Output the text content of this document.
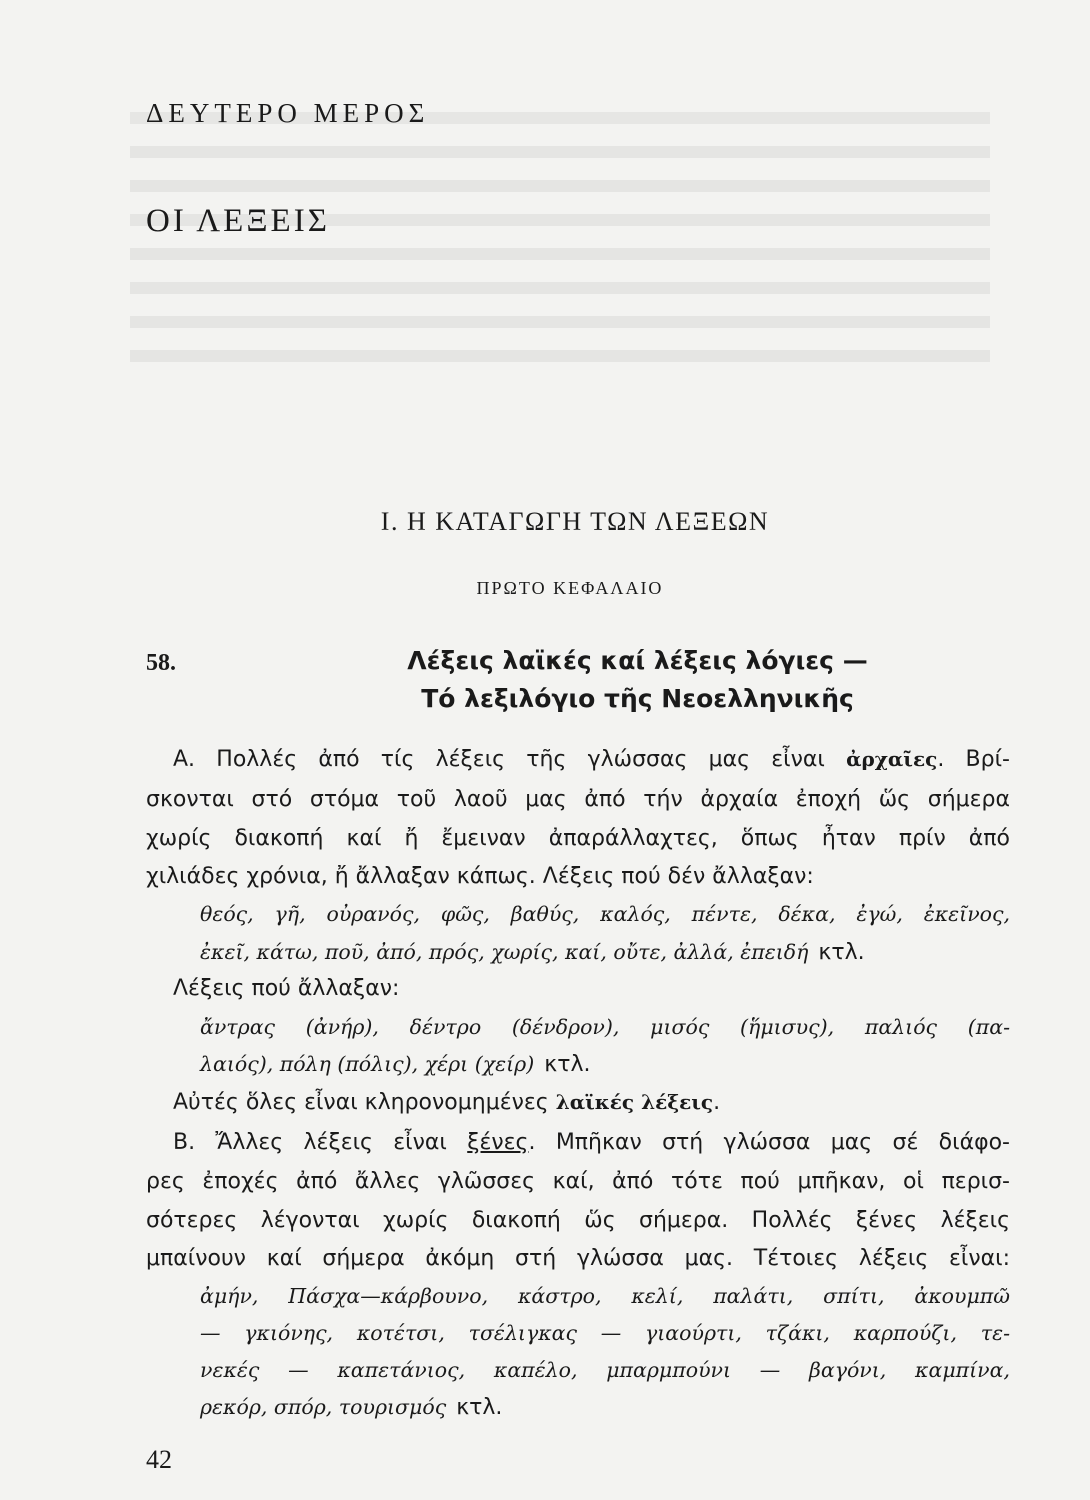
ΔΕΥΤΕΡΟ ΜΕΡΟΣ
ΟΙ ΛΕΞΕΙΣ
Ι. Η ΚΑΤΑΓΩΓΗ ΤΩΝ ΛΕΞΕΩΝ
ΠΡΩΤΟ ΚΕΦΑΛΑΙΟ
58.	Λέξεις λαϊκές καί λέξεις λόγιες —
Τό λεξιλόγιο τῆς Νεοελληνικῆς
Α. Πολλές ἀπό τίς λέξεις τῆς γλώσσας μας εἶναι ἀρχαῖες. Βρί-
σκονται στό στόμα τοῦ λαοῦ μας ἀπό τήν ἀρχαία ἐποχή ὥς σήμερα
χωρίς διακοπή καί ἤ ἔμειναν ἀπαράλλαχτες, ὅπως ἦταν πρίν ἀπό
χιλιάδες χρόνια, ἤ ἄλλαξαν κάπως. Λέξεις πού δέν ἄλλαξαν:
θεός, γῆ, οὐρανός, φῶς, βαθύς, καλός, πέντε, δέκα, ἐγώ, ἐκεῖνος,
ἐκεῖ, κάτω, ποῦ, ἀπό, πρός, χωρίς, καί, οὔτε, ἀλλά, ἐπειδή κτλ.
Λέξεις πού ἄλλαξαν:
ἄντρας (ἀνήρ), δέντρο (δένδρον), μισός (ἥμισυς), παλιός (πα-
λαιός), πόλη (πόλις), χέρι (χείρ) κτλ.
Αὐτές ὅλες εἶναι κληρονομημένες λαϊκές λέξεις.
Β. Ἄλλες λέξεις εἶναι ξένες. Μπῆκαν στή γλώσσα μας σέ διάφο-
ρες ἐποχές ἀπό ἄλλες γλῶσσες καί, ἀπό τότε πού μπῆκαν, οἱ περισ-
σότερες λέγονται χωρίς διακοπή ὥς σήμερα. Πολλές ξένες λέξεις
μπαίνουν καί σήμερα ἀκόμη στή γλώσσα μας. Τέτοιες λέξεις εἶναι:
ἀμήν, Πάσχα—κάρβουνο, κάστρο, κελί, παλάτι, σπίτι, ἀκουμπῶ
— γκιόνης, κοτέτσι, τσέλιγκας — γιαούρτι, τζάκι, καρπούζι, τε-
νεκές — καπετάνιος, καπέλο, μπαρμπούνι — βαγόνι, καμπίνα,
ρεκόρ, σπόρ, τουρισμός κτλ.
42
